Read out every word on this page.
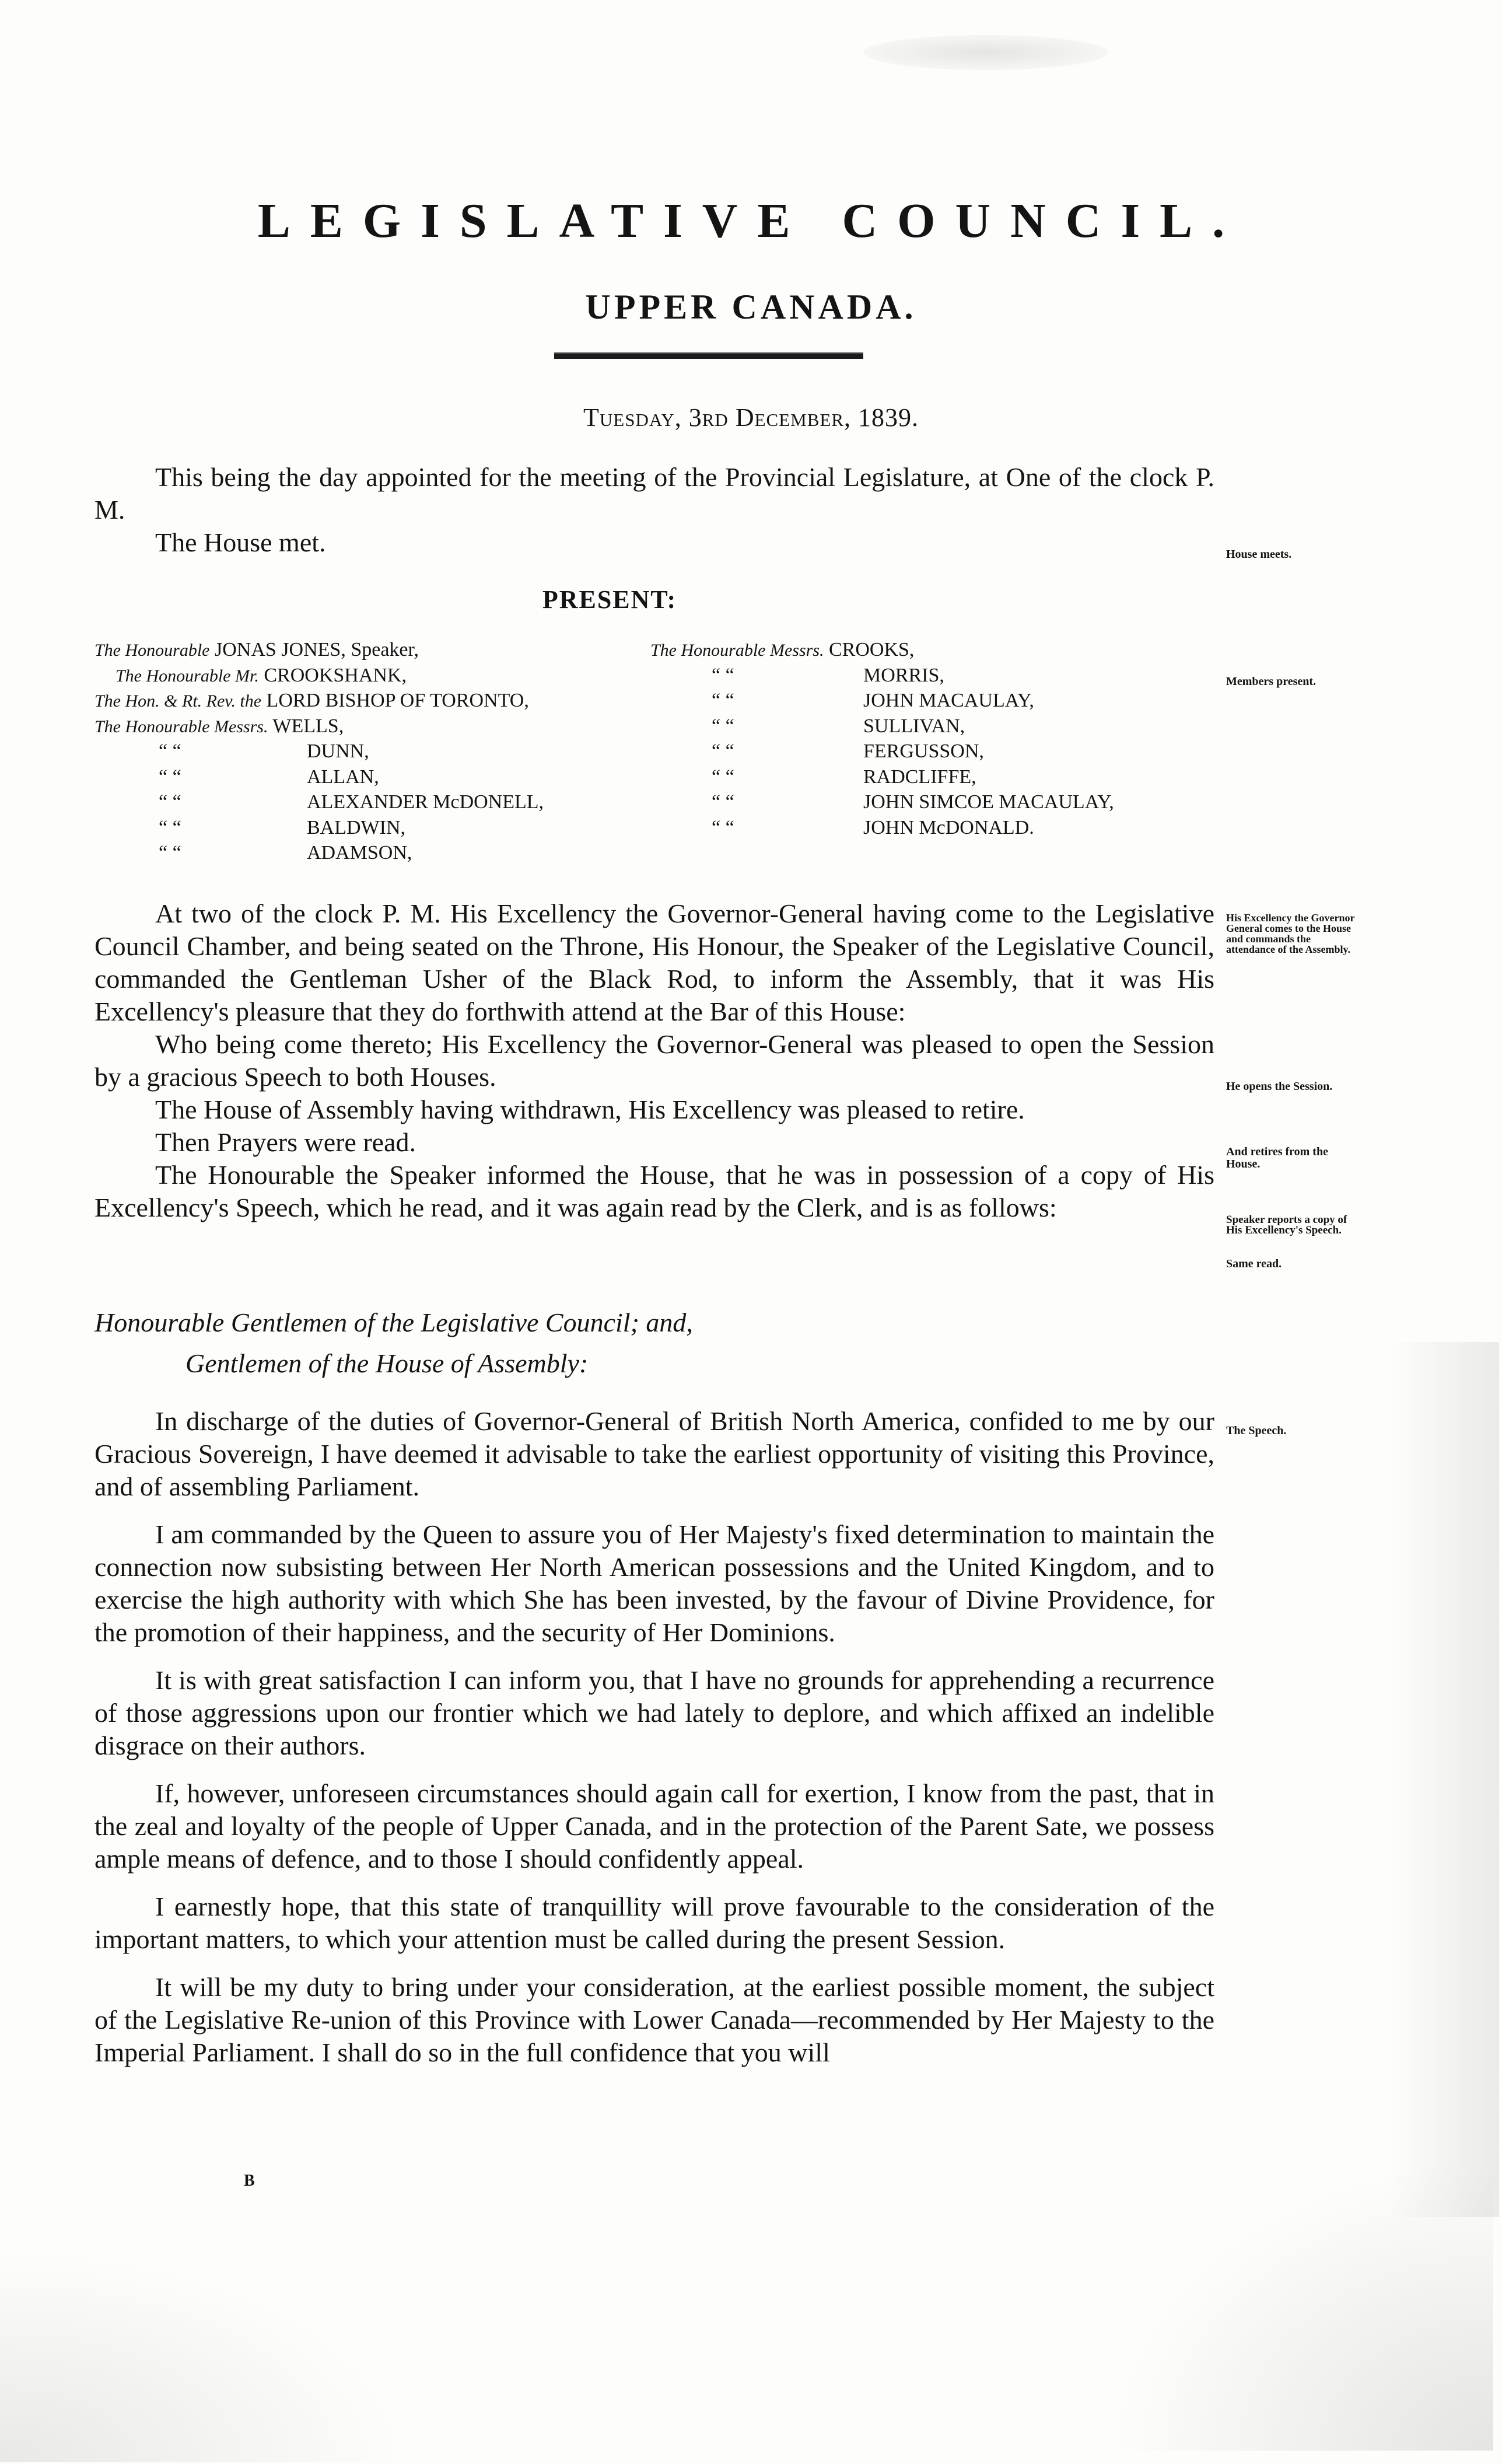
LEGISLATIVE COUNCIL.
UPPER CANADA.
Tuesday, 3rd December, 1839.

This being the day appointed for the meeting of the Provincial Legislature, at One of the clock P. M.

The House met.

PRESENT:
The Honourable JONAS JONES, Speaker,
The Honourable Mr. CROOKSHANK,
The Hon. & Rt. Rev. the LORD BISHOP OF TORONTO,
The Honourable Messrs. WELLS,
“ “	DUNN,
“ “	ALLAN,
“ “	ALEXANDER McDONELL,
“ “	BALDWIN,
“ “	ADAMSON,
The Honourable Messrs. CROOKS,
“ “	MORRIS,
“ “	JOHN MACAULAY,
“ “	SULLIVAN,
“ “	FERGUSSON,
“ “	RADCLIFFE,
“ “	JOHN SIMCOE MACAULAY,
“ “	JOHN McDONALD.

At two of the clock P. M. His Excellency the Governor-General having come to the Legislative Council Chamber, and being seated on the Throne, His Honour, the Speaker of the Legislative Council, commanded the Gentleman Usher of the Black Rod, to inform the Assembly, that it was His Excellency's pleasure that they do forthwith attend at the Bar of this House:

Who being come thereto; His Excellency the Governor-General was pleased to open the Session by a gracious Speech to both Houses.

The House of Assembly having withdrawn, His Excellency was pleased to retire.

Then Prayers were read.

The Honourable the Speaker informed the House, that he was in possession of a copy of His Excellency's Speech, which he read, and it was again read by the Clerk, and is as follows:

Honourable Gentlemen of the Legislative Council; and,
Gentlemen of the House of Assembly:

In discharge of the duties of Governor-General of British North America, confided to me by our Gracious Sovereign, I have deemed it advisable to take the earliest opportunity of visiting this Province, and of assembling Parliament.

I am commanded by the Queen to assure you of Her Majesty's fixed determination to maintain the connection now subsisting between Her North American possessions and the United Kingdom, and to exercise the high authority with which She has been invested, by the favour of Divine Providence, for the promotion of their happiness, and the security of Her Dominions.

It is with great satisfaction I can inform you, that I have no grounds for apprehending a recurrence of those aggressions upon our frontier which we had lately to deplore, and which affixed an indelible disgrace on their authors.

If, however, unforeseen circumstances should again call for exertion, I know from the past, that in the zeal and loyalty of the people of Upper Canada, and in the protection of the Parent Sate, we possess ample means of defence, and to those I should confidently appeal.

I earnestly hope, that this state of tranquillity will prove favourable to the consideration of the important matters, to which your attention must be called during the present Session.

It will be my duty to bring under your consideration, at the earliest possible moment, the subject of the Legislative Re-union of this Province with Lower Canada—recommended by Her Majesty to the Imperial Parliament. I shall do so in the full confidence that you will

House meets.
Members present.
His Excellency the Governor General comes to the House and commands the attendance of the Assembly.
He opens the Session.
And retires from the House.
Speaker reports a copy of His Excellency's Speech.
Same read.
The Speech.
B
